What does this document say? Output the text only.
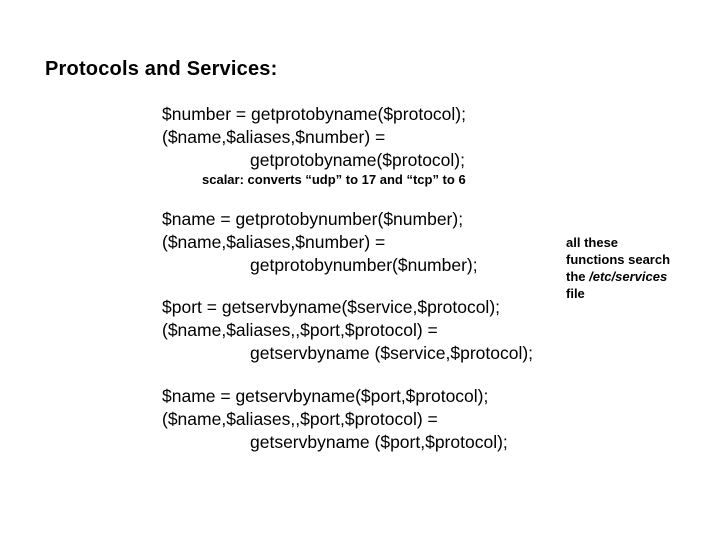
Protocols and Services:
$number = getprotobyname($protocol);
($name,$aliases,$number) =
getprotobyname($protocol);
scalar: converts “udp” to 17 and “tcp” to 6
$name = getprotobynumber($number);
($name,$aliases,$number) =
getprotobynumber($number);
$port = getservbyname($service,$protocol);
($name,$aliases,,$port,$protocol) =
getservbyname ($service,$protocol);
$name = getservbyname($port,$protocol);
($name,$aliases,,$port,$protocol) =
getservbyname ($port,$protocol);
all these
functions search
the /etc/services
file
